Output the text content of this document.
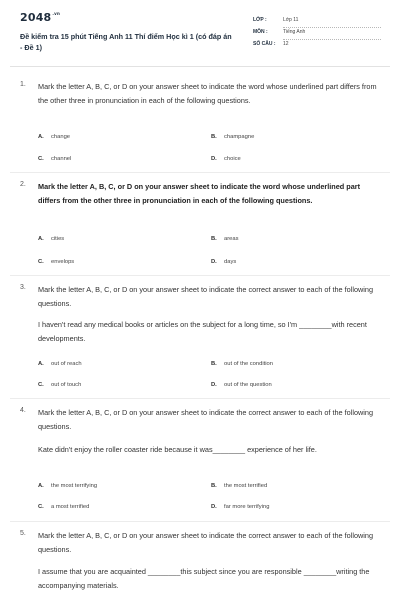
$2048^{.vn}$
Đề kiểm tra 15 phút Tiếng Anh 11 Thí điểm Học kì 1 (có đáp án - Đề 1)
LỚP :	Lớp 11
MÔN :	Tiếng Anh
SỐ CÂU : 12
1. Mark the letter A, B, C, or D on your answer sheet to indicate the word whose underlined part differs from the other three in pronunciation in each of the following questions.
A. change	B. champagne
C. channel	D. choice
2. Mark the letter A, B, C, or D on your answer sheet to indicate the word whose underlined part differs from the other three in pronunciation in each of the following questions.
A. cities	B. areas
C. envelops	D. days
3. Mark the letter A, B, C, or D on your answer sheet to indicate the correct answer to each of the following questions.
I haven't read any medical books or articles on the subject for a long time, so I'm ________with recent developments.
A. out of reach	B. out of the condition
C. out of touch	D. out of the question
4. Mark the letter A, B, C, or D on your answer sheet to indicate the correct answer to each of the following questions.
Kate didn't enjoy the roller coaster ride because it was________ experience of her life.
A. the most terrifying	B. the most terrified
C. a most terrified	D. far more terrifying
5. Mark the letter A, B, C, or D on your answer sheet to indicate the correct answer to each of the following questions.
I assume that you are acquainted ________this subject since you are responsible ________writing the accompanying materials.
